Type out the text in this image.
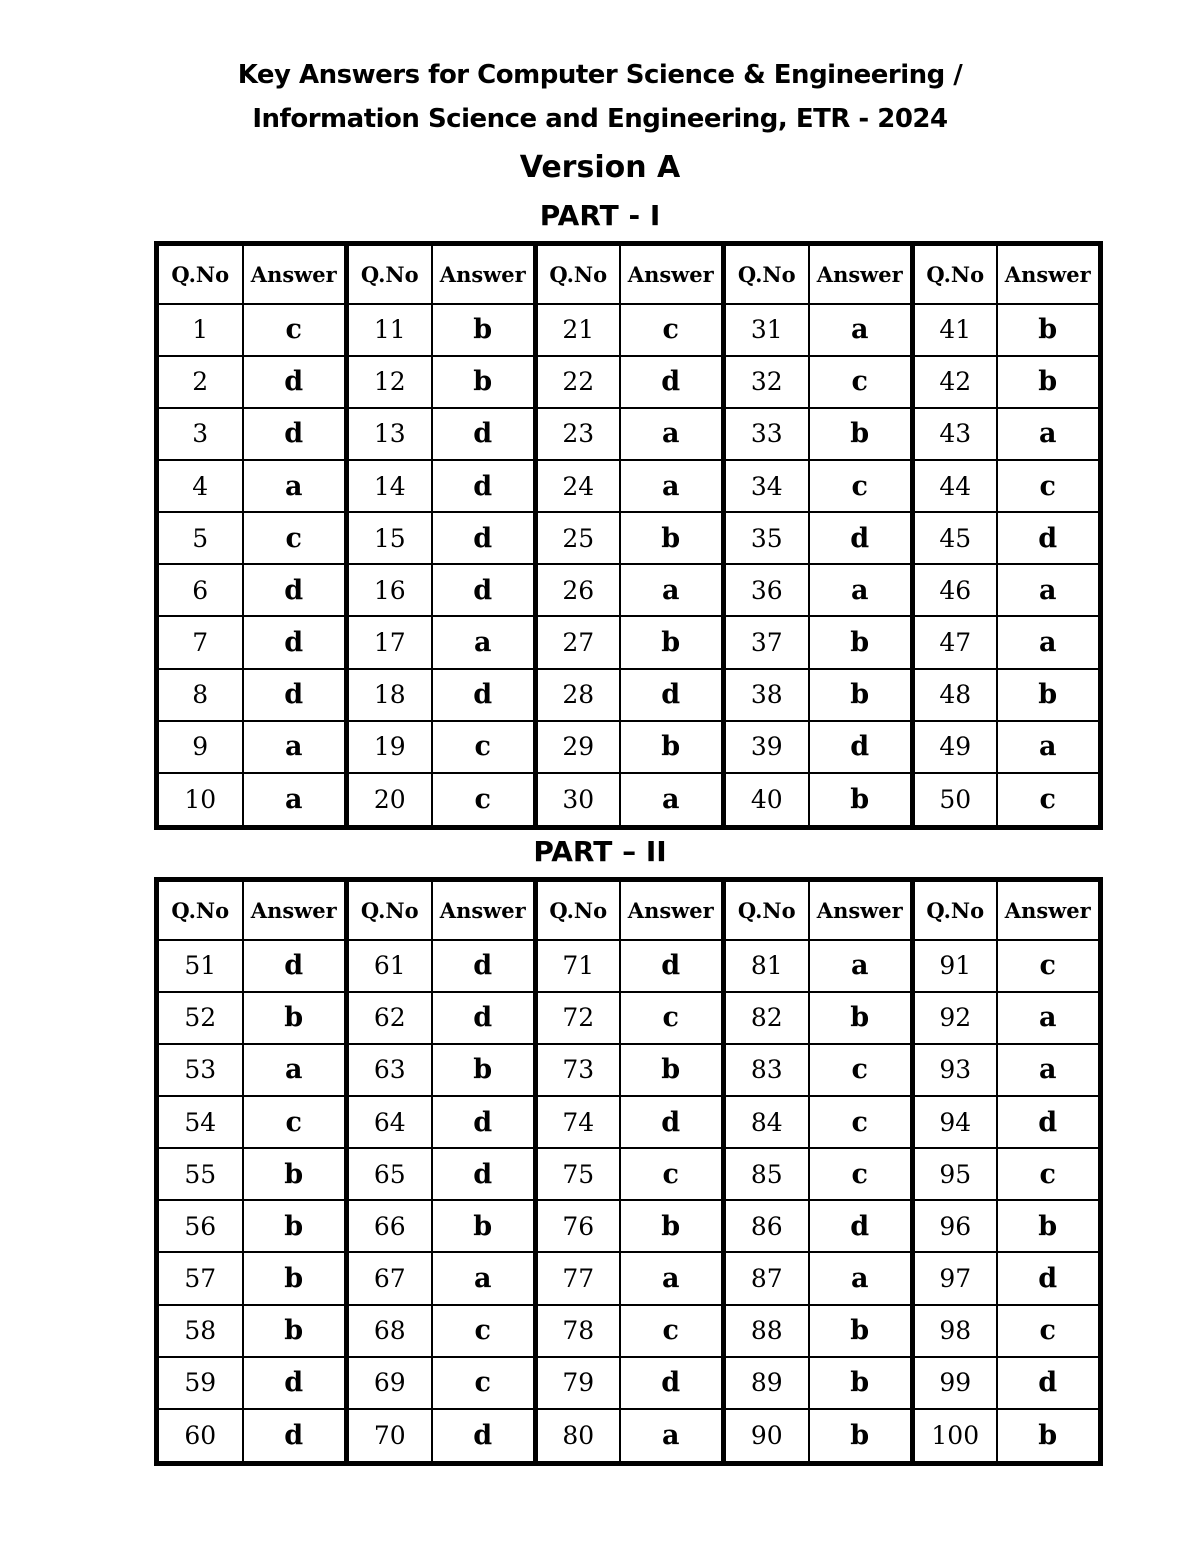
Key Answers for Computer Science & Engineering /
Information Science and Engineering, ETR - 2024
Version A
PART - I
Q.No	Answer	Q.No	Answer	Q.No	Answer	Q.No	Answer	Q.No	Answer
1	c	11	b	21	c	31	a	41	b
2	d	12	b	22	d	32	c	42	b
3	d	13	d	23	a	33	b	43	a
4	a	14	d	24	a	34	c	44	c
5	c	15	d	25	b	35	d	45	d
6	d	16	d	26	a	36	a	46	a
7	d	17	a	27	b	37	b	47	a
8	d	18	d	28	d	38	b	48	b
9	a	19	c	29	b	39	d	49	a
10	a	20	c	30	a	40	b	50	c
PART – II
Q.No	Answer	Q.No	Answer	Q.No	Answer	Q.No	Answer	Q.No	Answer
51	d	61	d	71	d	81	a	91	c
52	b	62	d	72	c	82	b	92	a
53	a	63	b	73	b	83	c	93	a
54	c	64	d	74	d	84	c	94	d
55	b	65	d	75	c	85	c	95	c
56	b	66	b	76	b	86	d	96	b
57	b	67	a	77	a	87	a	97	d
58	b	68	c	78	c	88	b	98	c
59	d	69	c	79	d	89	b	99	d
60	d	70	d	80	a	90	b	100	b
